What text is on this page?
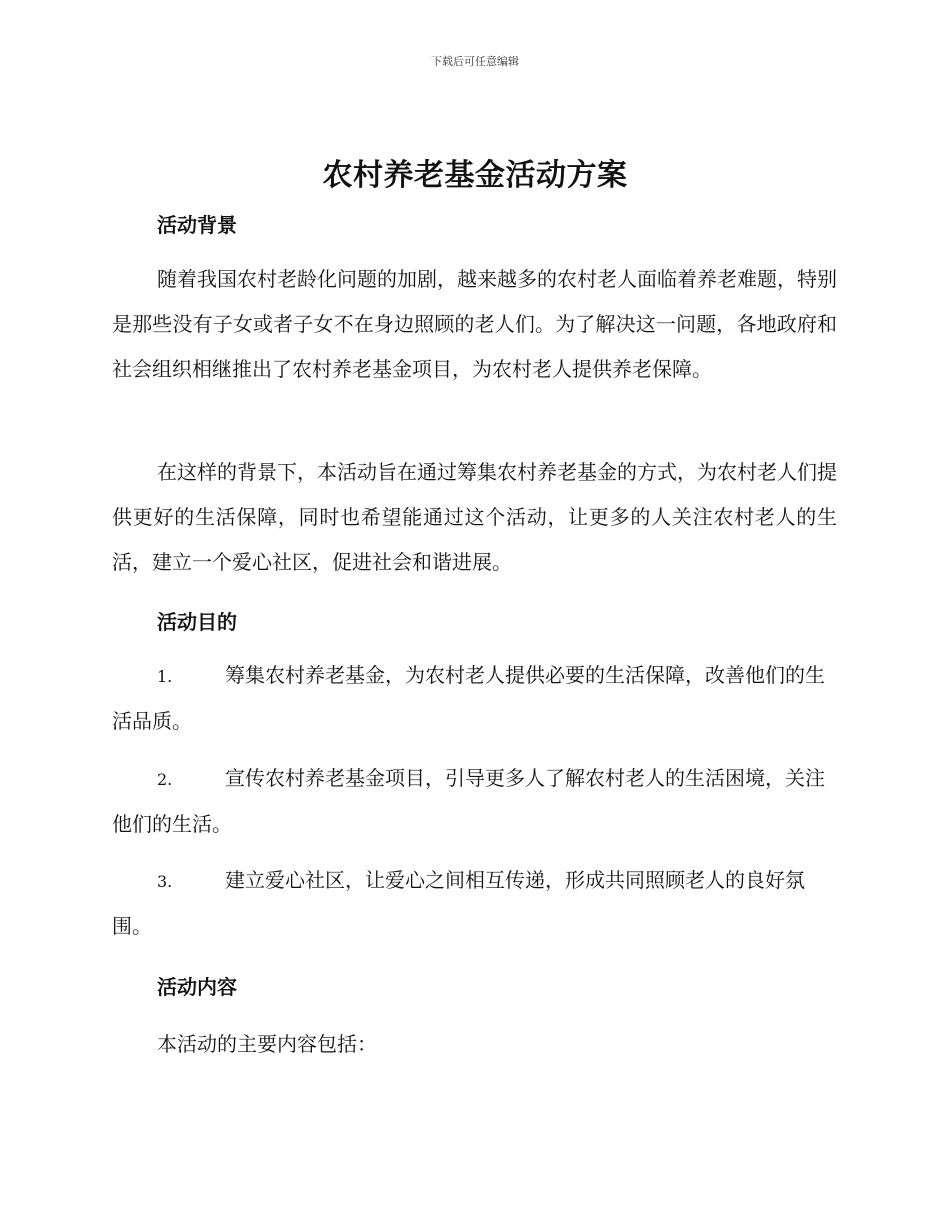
下载后可任意编辑
农村养老基金活动方案
活动背景

随着我国农村老龄化问题的加剧，越来越多的农村老人面临着养老难题，特别是那些没有子女或者子女不在身边照顾的老人们。为了解决这一问题，各地政府和社会组织相继推出了农村养老基金项目，为农村老人提供养老保障。

在这样的背景下，本活动旨在通过筹集农村养老基金的方式，为农村老人们提供更好的生活保障，同时也希望能通过这个活动，让更多的人关注农村老人的生活，建立一个爱心社区，促进社会和谐进展。

活动目的

1.	筹集农村养老基金，为农村老人提供必要的生活保障，改善他们的生活品质。

2.	宣传农村养老基金项目，引导更多人了解农村老人的生活困境，关注他们的生活。

3.	建立爱心社区，让爱心之间相互传递，形成共同照顾老人的良好氛围。

活动内容
本活动的主要内容包括：
